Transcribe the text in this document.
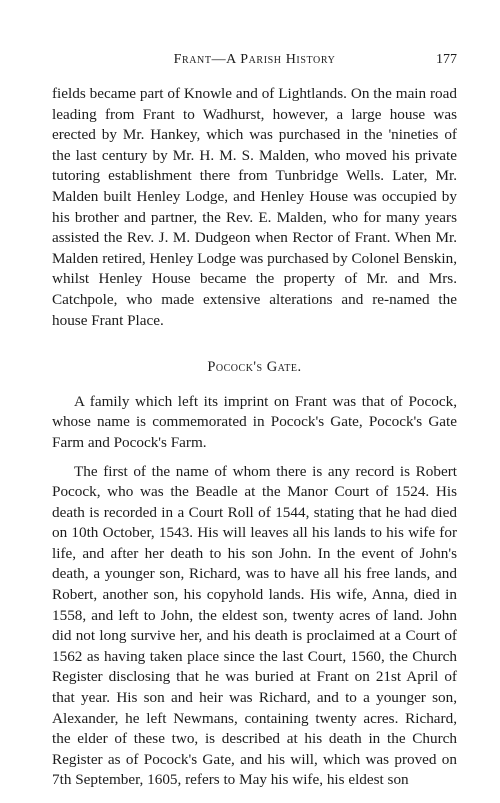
Frant—A Parish History	177

fields became part of Knowle and of Lightlands. On the main road leading from Frant to Wadhurst, however, a large house was erected by Mr. Hankey, which was purchased in the 'nineties of the last century by Mr. H. M. S. Malden, who moved his private tutoring establishment there from Tunbridge Wells. Later, Mr. Malden built Henley Lodge, and Henley House was occupied by his brother and partner, the Rev. E. Malden, who for many years assisted the Rev. J. M. Dudgeon when Rector of Frant. When Mr. Malden retired, Henley Lodge was purchased by Colonel Benskin, whilst Henley House became the property of Mr. and Mrs. Catchpole, who made extensive alterations and re-named the house Frant Place.

Pocock's Gate.

A family which left its imprint on Frant was that of Pocock, whose name is commemorated in Pocock's Gate, Pocock's Gate Farm and Pocock's Farm.

The first of the name of whom there is any record is Robert Pocock, who was the Beadle at the Manor Court of 1524. His death is recorded in a Court Roll of 1544, stating that he had died on 10th October, 1543. His will leaves all his lands to his wife for life, and after her death to his son John. In the event of John's death, a younger son, Richard, was to have all his free lands, and Robert, another son, his copyhold lands. His wife, Anna, died in 1558, and left to John, the eldest son, twenty acres of land. John did not long survive her, and his death is proclaimed at a Court of 1562 as having taken place since the last Court, 1560, the Church Register disclosing that he was buried at Frant on 21st April of that year. His son and heir was Richard, and to a younger son, Alexander, he left Newmans, containing twenty acres. Richard, the elder of these two, is described at his death in the Church Register as of Pocock's Gate, and his will, which was proved on 7th September, 1605, refers to May his wife, his eldest son
